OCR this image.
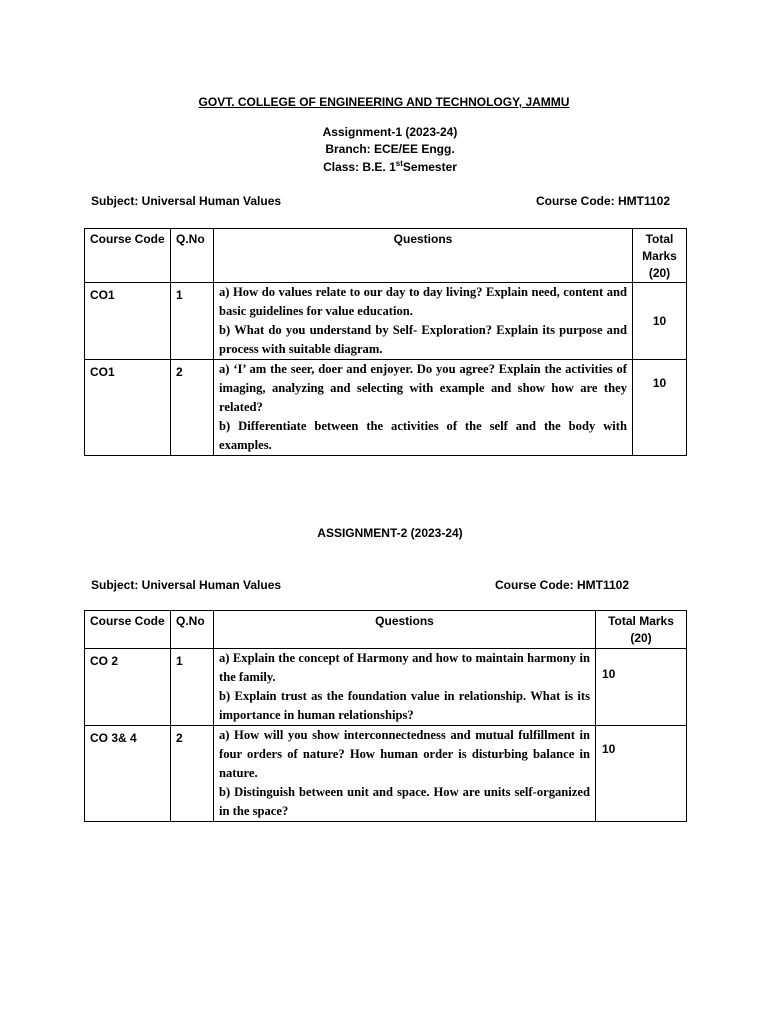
GOVT. COLLEGE OF ENGINEERING AND TECHNOLOGY, JAMMU
Assignment-1 (2023-24)
Branch: ECE/EE Engg.
Class: B.E. 1stSemester
Subject: Universal Human Values	Course Code: HMT1102
Course Code	Q.No	Questions	Total
Marks
(20)

CO1	1	a) How do values relate to our day to day living? Explain need, content and basic guidelines for value education.

b) What do you understand by Self- Exploration? Explain its purpose and process with suitable diagram.	10
CO1	2	a) ‘I’ am the seer, doer and enjoyer. Do you agree? Explain the activities of imaging, analyzing and selecting with example and show how are they related?

b) Differentiate between the activities of the self and the body with examples.	10
ASSIGNMENT-2 (2023-24)
Subject: Universal Human Values	Course Code: HMT1102
Course Code	Q.No	Questions	Total Marks
(20)

CO 2	1	a) Explain the concept of Harmony and how to maintain harmony in the family.

b) Explain trust as the foundation value in relationship. What is its importance in human relationships?	10
CO 3& 4	2	a) How will you show interconnectedness and mutual fulfillment in four orders of nature? How human order is disturbing balance in nature.

b) Distinguish between unit and space. How are units self-organized in the space?	10
